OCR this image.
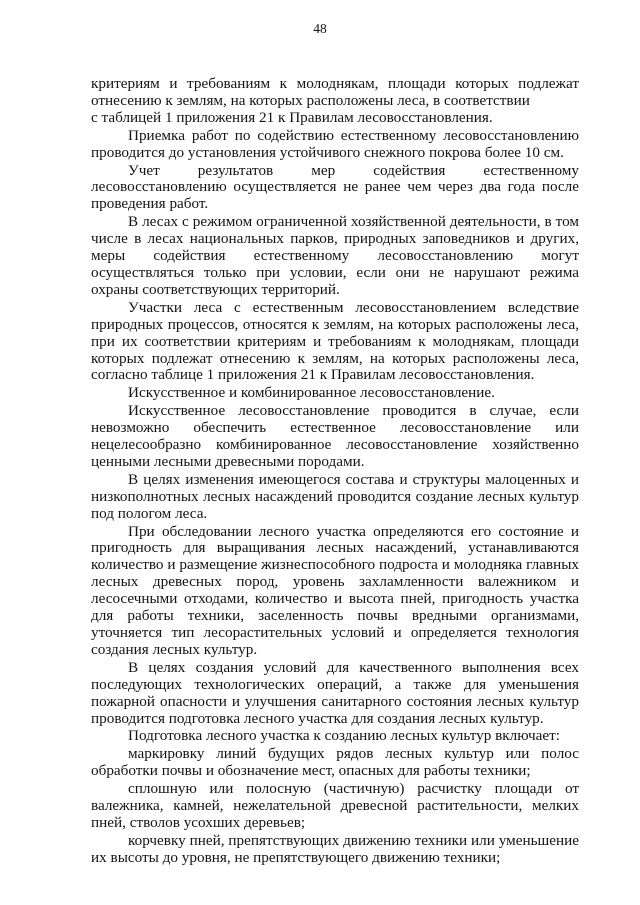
48

критериям и требованиям к молоднякам, площади которых подлежат отнесению к землям, на которых расположены леса, в соответствии

с таблицей 1 приложения 21 к Правилам лесовосстановления.

Приемка работ по содействию естественному лесовосстановлению проводится до установления устойчивого снежного покрова более 10 см.

Учет результатов мер содействия естественному лесовосстановлению осуществляется не ранее чем через два года после проведения работ.

В лесах с режимом ограниченной хозяйственной деятельности, в том числе в лесах национальных парков, природных заповедников и других, меры содействия естественному лесовосстановлению могут осуществляться только при условии, если они не нарушают режима охраны соответствующих территорий.

Участки леса с естественным лесовосстановлением вследствие природных процессов, относятся к землям, на которых расположены леса, при их соответствии критериям и требованиям к молоднякам, площади которых подлежат отнесению к землям, на которых расположены леса, согласно таблице 1 приложения 21 к Правилам лесовосстановления.

Искусственное и комбинированное лесовосстановление.

Искусственное лесовосстановление проводится в случае, если невозможно обеспечить естественное лесовосстановление или нецелесообразно комбинированное лесовосстановление хозяйственно ценными лесными древесными породами.

В целях изменения имеющегося состава и структуры малоценных и низкополнотных лесных насаждений проводится создание лесных культур под пологом леса.

При обследовании лесного участка определяются его состояние и пригодность для выращивания лесных насаждений, устанавливаются количество и размещение жизнеспособного подроста и молодняка главных лесных древесных пород, уровень захламленности валежником и лесосечными отходами, количество и высота пней, пригодность участка для работы техники, заселенность почвы вредными организмами, уточняется тип лесорастительных условий и определяется технология создания лесных культур.

В целях создания условий для качественного выполнения всех последующих технологических операций, а также для уменьшения пожарной опасности и улучшения санитарного состояния лесных культур проводится подготовка лесного участка для создания лесных культур.

Подготовка лесного участка к созданию лесных культур включает:

маркировку линий будущих рядов лесных культур или полос обработки почвы и обозначение мест, опасных для работы техники;

сплошную или полосную (частичную) расчистку площади от валежника, камней, нежелательной древесной растительности, мелких пней, стволов усохших деревьев;

корчевку пней, препятствующих движению техники или уменьшение их высоты до уровня, не препятствующего движению техники;
